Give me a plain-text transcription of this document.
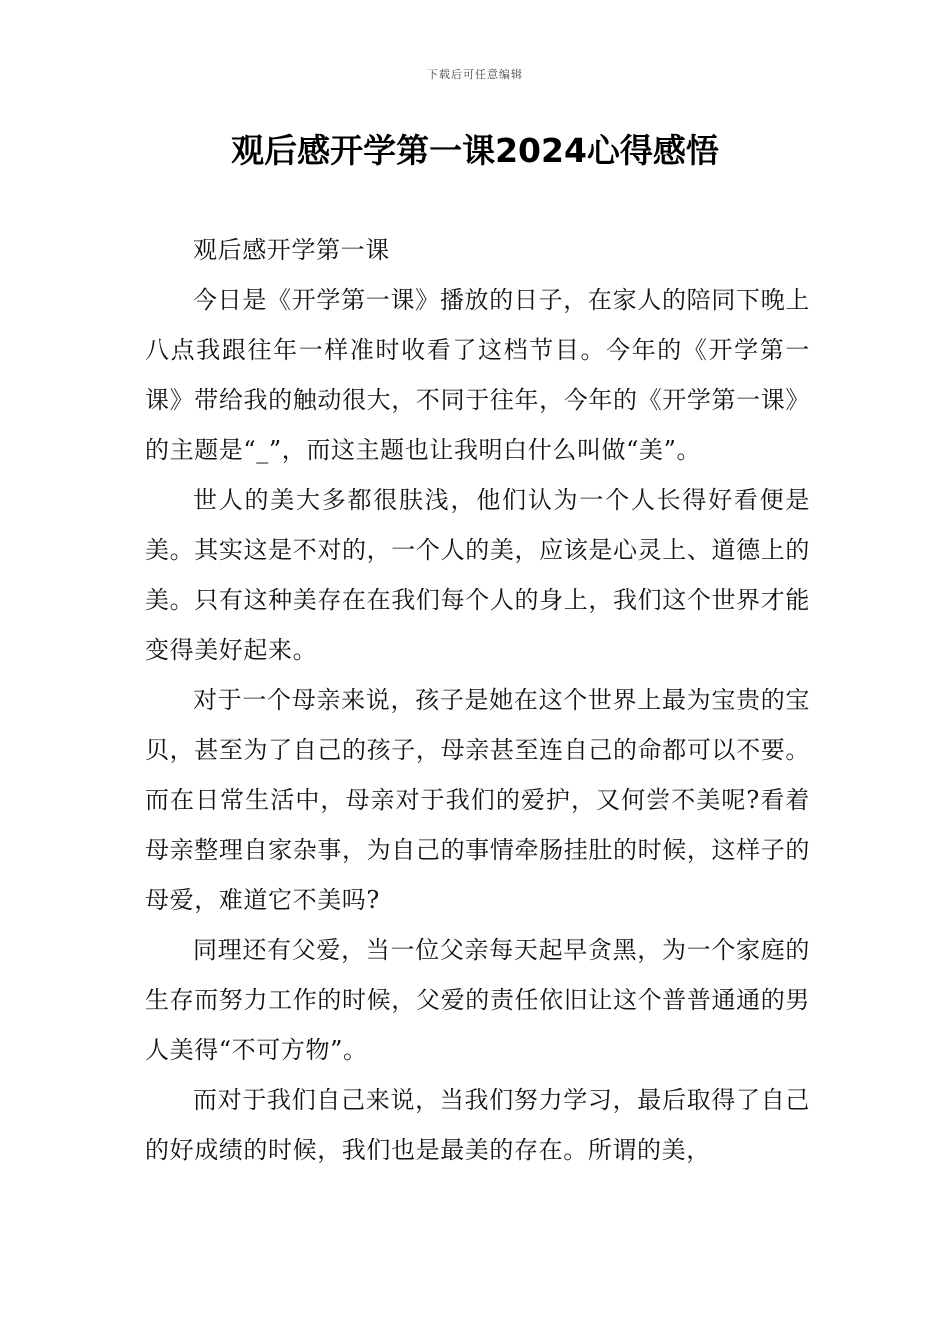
下载后可任意编辑
观后感开学第一课2024心得感悟

观后感开学第一课

今日是《开学第一课》播放的日子，在家人的陪同下晚上八点我跟往年一样准时收看了这档节目。今年的《开学第一课》带给我的触动很大，不同于往年，今年的《开学第一课》的主题是“_”，而这主题也让我明白什么叫做“美”。

世人的美大多都很肤浅，他们认为一个人长得好看便是美。其实这是不对的，一个人的美，应该是心灵上、道德上的美。只有这种美存在在我们每个人的身上，我们这个世界才能变得美好起来。

对于一个母亲来说，孩子是她在这个世界上最为宝贵的宝贝，甚至为了自己的孩子，母亲甚至连自己的命都可以不要。而在日常生活中，母亲对于我们的爱护，又何尝不美呢?看着母亲整理自家杂事，为自己的事情牵肠挂肚的时候，这样子的母爱，难道它不美吗?

同理还有父爱，当一位父亲每天起早贪黑，为一个家庭的生存而努力工作的时候，父爱的责任依旧让这个普普通通的男人美得“不可方物”。

而对于我们自己来说，当我们努力学习，最后取得了自己的好成绩的时候，我们也是最美的存在。所谓的美，
